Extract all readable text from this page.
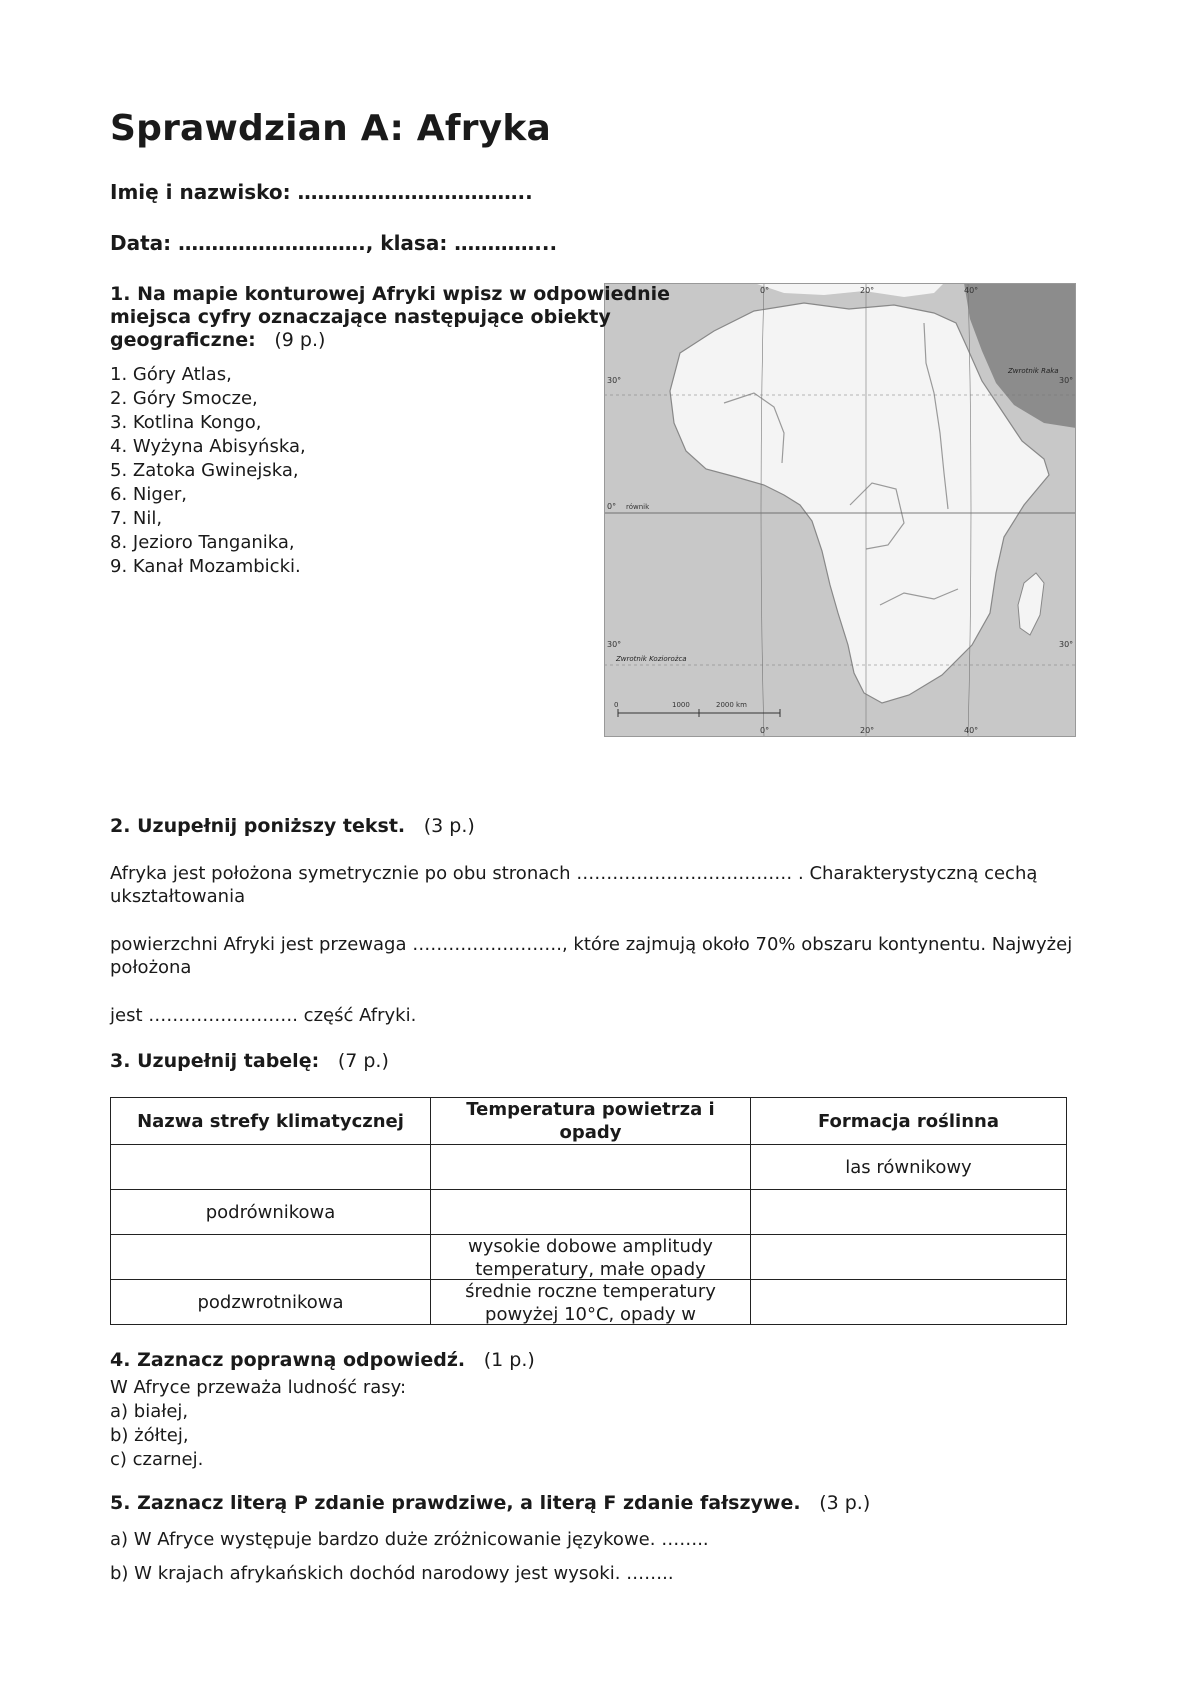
Sprawdzian A: Afryka
Imię i nazwisko: ……………………………..
Data: ………………………., klasa: …………...
1. Na mapie konturowej Afryki wpisz w odpowiednie miejsca cyfry oznaczające następujące obiekty geograficzne: (9 p.)
1. Góry Atlas,
2. Góry Smocze,
3. Kotlina Kongo,
4. Wyżyna Abisyńska,
5. Zatoka Gwinejska,
6. Niger,
7. Nil,
8. Jezioro Tanganika,
9. Kanał Mozambicki.
0°	20°	40°
0°	20°	40°
30°
0°
30°
30°
30°
równik
Zwrotnik Raka
Zwrotnik Koziorożca
0	1000	2000 km
2. Uzupełnij poniższy tekst. (3 p.)
Afryka jest położona symetrycznie po obu stronach ……………………………… . Charakterystyczną cechą ukształtowania
powierzchni Afryki jest przewaga ……………………., które zajmują około 70% obszaru kontynentu. Najwyżej położona
jest ……………………. część Afryki.
3. Uzupełnij tabelę: (7 p.)
Nazwa strefy klimatycznej	Temperatura powietrza i opady	Formacja roślinna

		las równikowy

podrównikowa		

	wysokie dobowe amplitudy temperatury, małe opady	

podzwrotnikowa	średnie roczne temperatury powyżej 10°C, opady w	

4. Zaznacz poprawną odpowiedź. (1 p.)
W Afryce przeważa ludność rasy:
a) białej,
b) żółtej,
c) czarnej.
5. Zaznacz literą P zdanie prawdziwe, a literą F zdanie fałszywe. (3 p.)
a) W Afryce występuje bardzo duże zróżnicowanie językowe. ……..
b) W krajach afrykańskich dochód narodowy jest wysoki. ……..
